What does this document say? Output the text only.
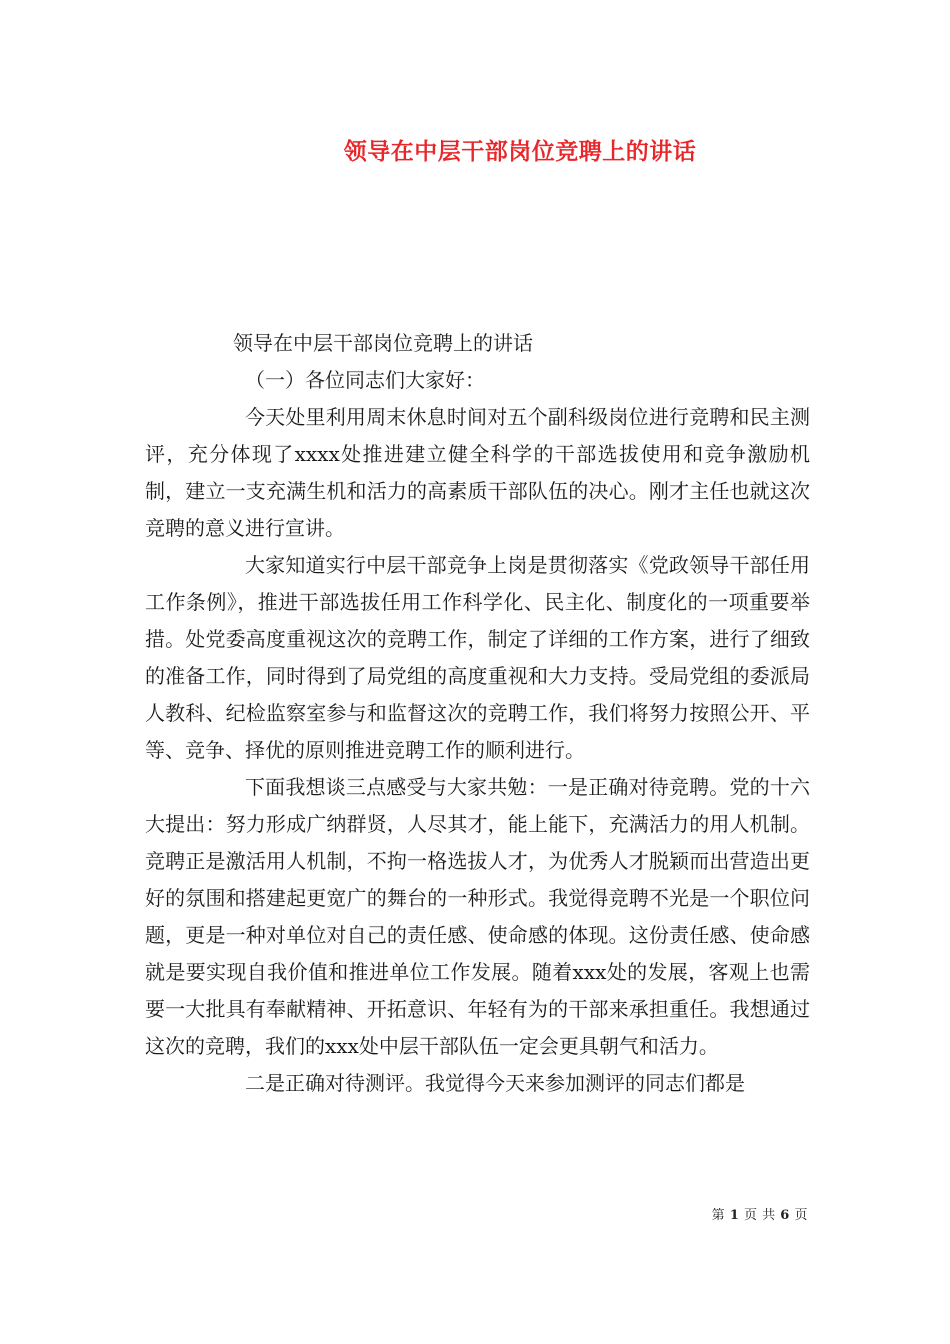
领导在中层干部岗位竞聘上的讲话

领导在中层干部岗位竞聘上的讲话

（一）各位同志们大家好：

今天处里利用周末休息时间对五个副科级岗位进行竞聘和民主测评，充分体现了xxxx处推进建立健全科学的干部选拔使用和竞争激励机制，建立一支充满生机和活力的高素质干部队伍的决心。刚才主任也就这次竞聘的意义进行宣讲。

大家知道实行中层干部竞争上岗是贯彻落实《党政领导干部任用工作条例》，推进干部选拔任用工作科学化、民主化、制度化的一项重要举措。处党委高度重视这次的竞聘工作，制定了详细的工作方案，进行了细致的准备工作，同时得到了局党组的高度重视和大力支持。受局党组的委派局人教科、纪检监察室参与和监督这次的竞聘工作，我们将努力按照公开、平等、竞争、择优的原则推进竞聘工作的顺利进行。

下面我想谈三点感受与大家共勉：一是正确对待竞聘。党的十六大提出：努力形成广纳群贤，人尽其才，能上能下，充满活力的用人机制。竞聘正是激活用人机制，不拘一格选拔人才，为优秀人才脱颖而出营造出更好的氛围和搭建起更宽广的舞台的一种形式。我觉得竞聘不光是一个职位问题，更是一种对单位对自己的责任感、使命感的体现。这份责任感、使命感就是要实现自我价值和推进单位工作发展。随着xxx处的发展，客观上也需要一大批具有奉献精神、开拓意识、年轻有为的干部来承担重任。我想通过这次的竞聘，我们的xxx处中层干部队伍一定会更具朝气和活力。

二是正确对待测评。我觉得今天来参加测评的同志们都是

第 1 页 共 6 页
